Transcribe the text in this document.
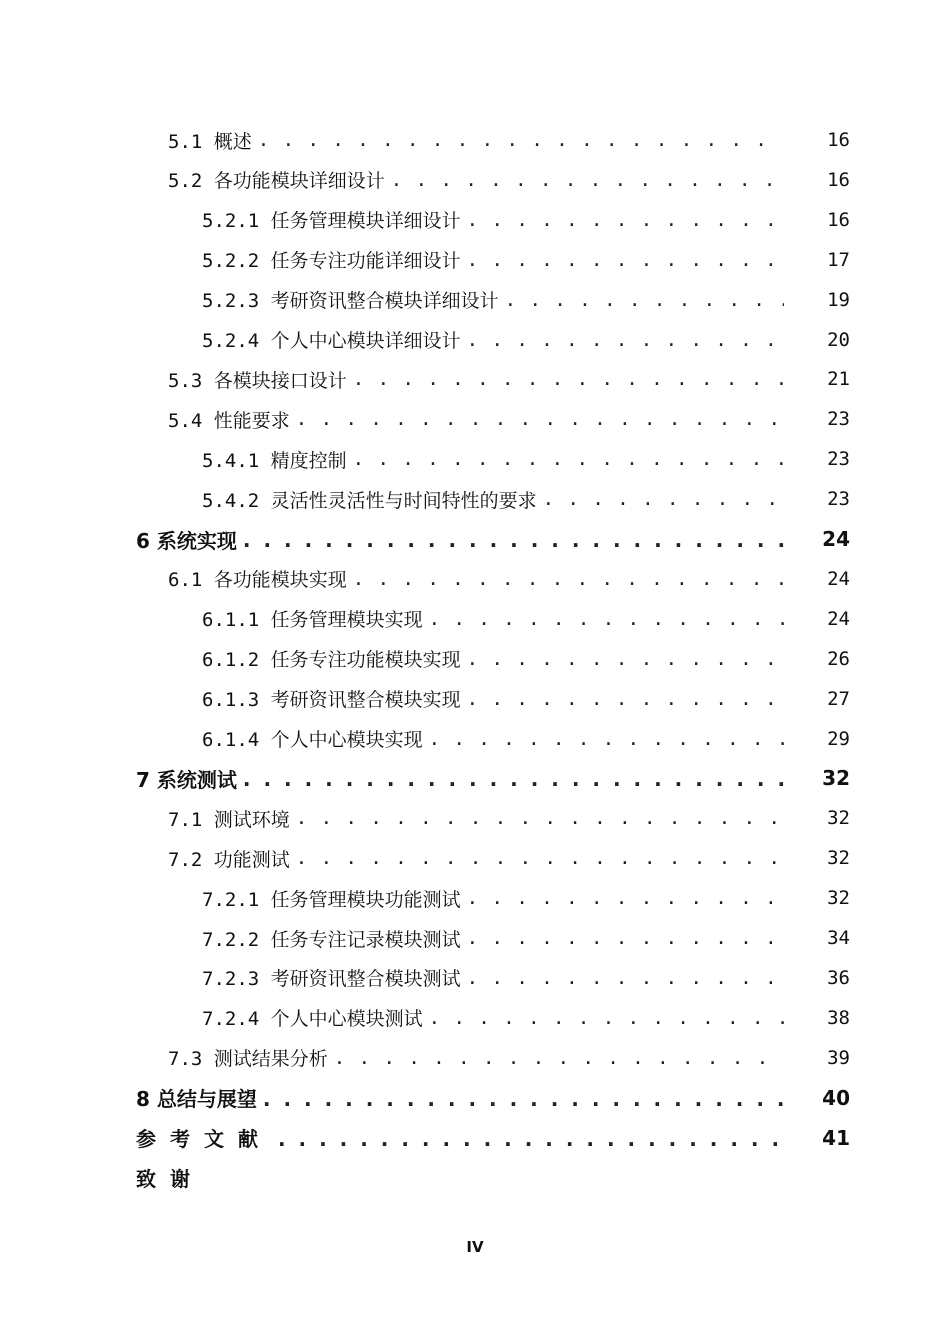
5.1 概述 . . .	16
5.2 各功能模块详细设计 . . .	16
5.2.1 任务管理模块详细设计 . . .	16
5.2.2 任务专注功能详细设计 . . .	17
5.2.3 考研资讯整合模块详细设计 . . .	19
5.2.4 个人中心模块详细设计 . . .	20
5.3 各模块接口设计 . . .	21
5.4 性能要求 . . .	23
5.4.1 精度控制 . . .	23
5.4.2 灵活性灵活性与时间特性的要求 . . .	23
6 系统实现 . . .	24
6.1 各功能模块实现 . . .	24
6.1.1 任务管理模块实现 . . .	24
6.1.2 任务专注功能模块实现 . . .	26
6.1.3 考研资讯整合模块实现 . . .	27
6.1.4 个人中心模块实现 . . .	29
7 系统测试 . . .	32
7.1 测试环境 . . .	32
7.2 功能测试 . . .	32
7.2.1 任务管理模块功能测试 . . .	32
7.2.2 任务专注记录模块测试 . . .	34
7.2.3 考研资讯整合模块测试 . . .	36
7.2.4 个人中心模块测试 . . .	38
7.3 测试结果分析 . . .	39
8 总结与展望 . . .	40
参考文献 . . .	41
致谢
IV
